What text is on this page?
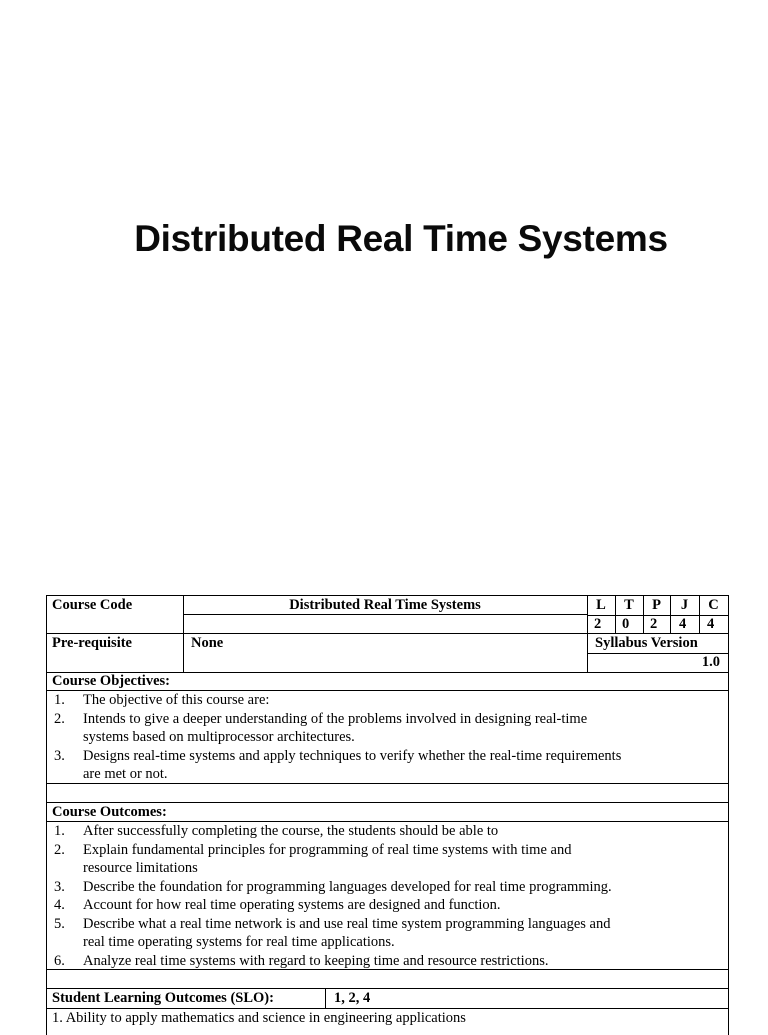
Distributed Real Time Systems
Course Code	Distributed Real Time Systems	L	T	P	J	C
2 0 2 4 4
Pre-requisite	None	Syllabus Version
1.0
Course Objectives:
1.	The objective of this course are:
2.	Intends to give a deeper understanding of the problems involved in designing real-time
systems based on multiprocessor architectures.
3.	Designs real-time systems and apply techniques to verify whether the real-time requirements
are met or not.
Course Outcomes:
1.	After successfully completing the course, the students should be able to
2.	Explain fundamental principles for programming of real time systems with time and
resource limitations
3.	Describe the foundation for programming languages developed for real time programming.
4.	Account for how real time operating systems are designed and function.
5.	Describe what a real time network is and use real time system programming languages and
real time operating systems for real time applications.
6.	Analyze real time systems with regard to keeping time and resource restrictions.
Student Learning Outcomes (SLO):	1, 2, 4
1. Ability to apply mathematics and science in engineering applications
